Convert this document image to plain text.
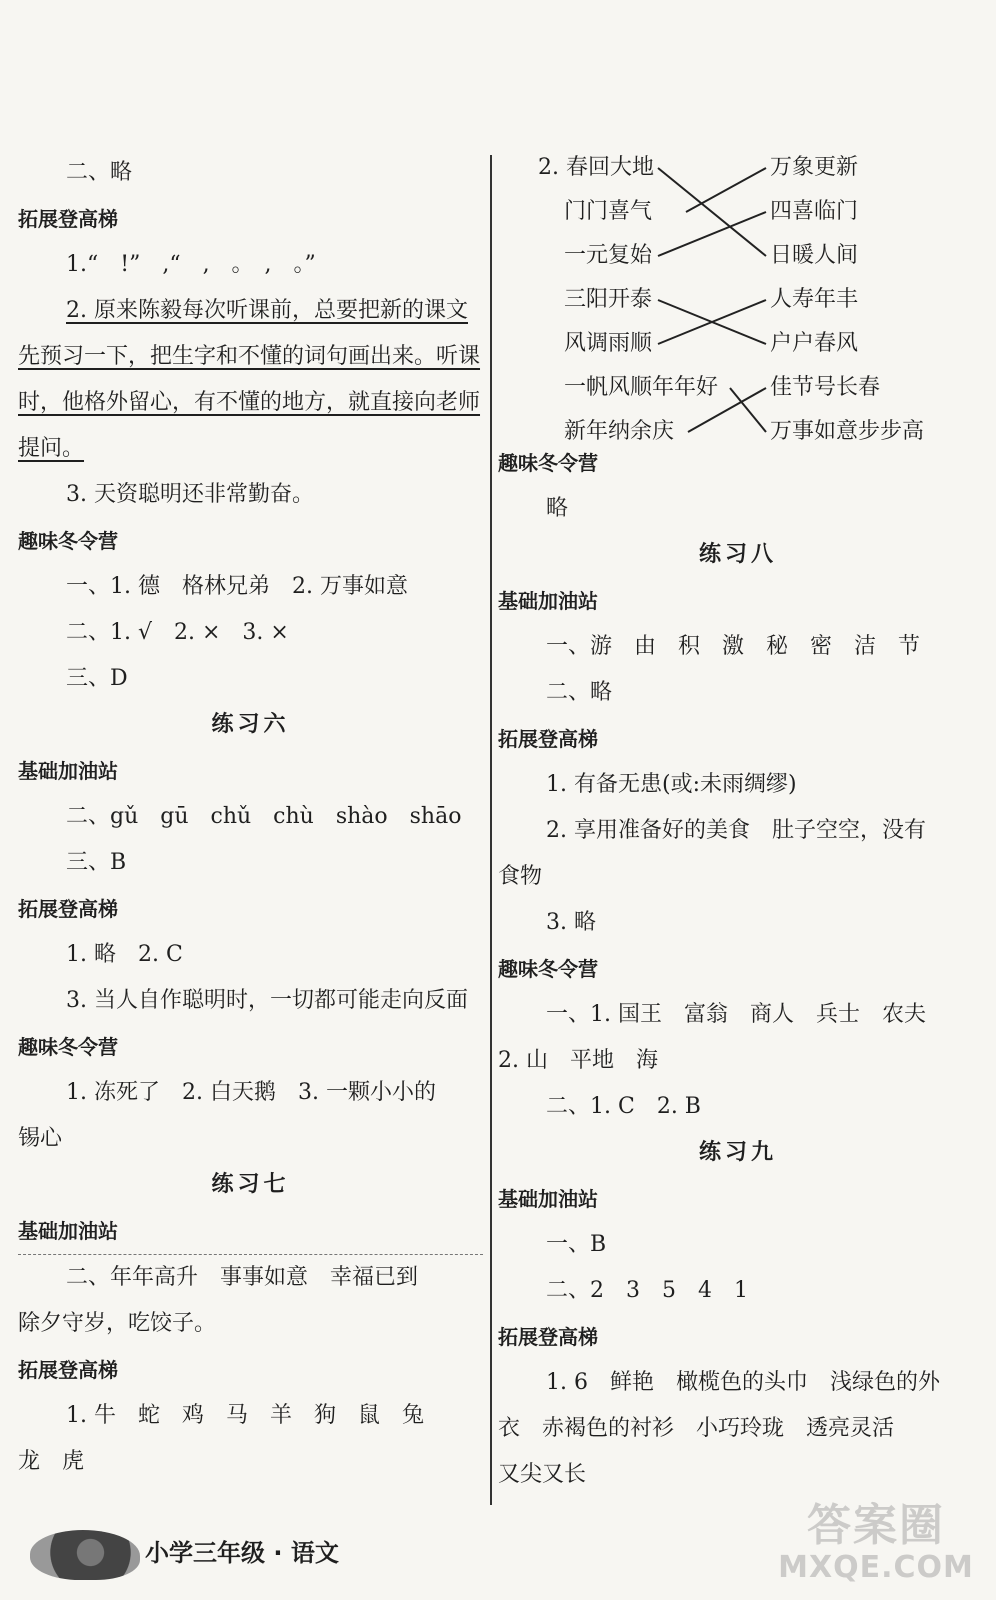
二、略
拓展登高梯
1.“　!”　,“　,　。　,　。”
2. 原来陈毅每次听课前，总要把新的课文先预习一下，把生字和不懂的词句画出来。听课时，他格外留心，有不懂的地方，就直接向老师提问。
3. 天资聪明还非常勤奋。
趣味冬令营
一、1. 德　格林兄弟　2. 万事如意
二、1. √　2. ×　3. ×
三、D
练习六
基础加油站
二、gǔ　gū　chǔ　chù　shào　shāo
三、B
拓展登高梯
1. 略　2. C
3. 当人自作聪明时，一切都可能走向反面
趣味冬令营
1. 冻死了　2. 白天鹅　3. 一颗小小的
锡心
练习七
基础加油站
二、年年高升　事事如意　幸福已到
除夕守岁，吃饺子。
拓展登高梯
1. 牛　蛇　鸡　马　羊　狗　鼠　兔
龙　虎
2. 春回大地
门门喜气
一元复始
三阳开泰
风调雨顺
一帆风顺年年好
新年纳余庆
万象更新
四喜临门
日暖人间
人寿年丰
户户春风
佳节号长春
万事如意步步高
趣味冬令营
略
练习八
基础加油站
一、游　由　积　激　秘　密　洁　节
二、略
拓展登高梯
1. 有备无患(或:未雨绸缪)
2. 享用准备好的美食　肚子空空，没有
食物
3. 略
趣味冬令营
一、1. 国王　富翁　商人　兵士　农夫
2. 山　平地　海
二、1. C　2. B
练习九
基础加油站
一、B
二、2　3　5　4　1
拓展登高梯
1. 6　鲜艳　橄榄色的头巾　浅绿色的外
衣　赤褐色的衬衫　小巧玲珑　透亮灵活
又尖又长
小学三年级 · 语文
答案圈
MXQE.COM
